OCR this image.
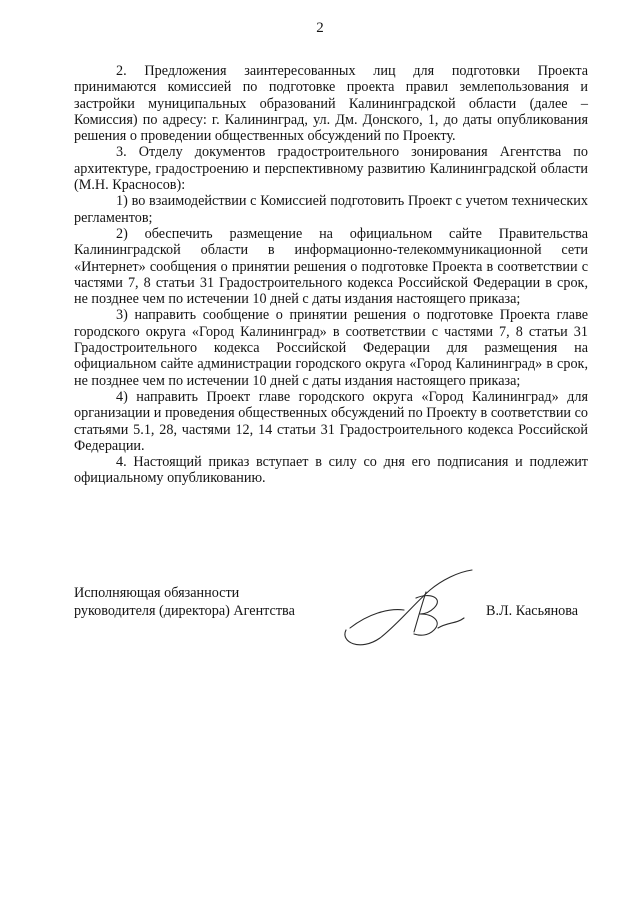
2

2. Предложения заинтересованных лиц для подготовки Проекта принимаются комиссией по подготовке проекта правил землепользования и застройки муниципальных образований Калининградской области (далее – Комиссия) по адресу: г. Калининград, ул. Дм. Донского, 1, до даты опубликования решения о проведении общественных обсуждений по Проекту.

3. Отделу документов градостроительного зонирования Агентства по архитектуре, градостроению и перспективному развитию Калининградской области (М.Н. Красносов):

1) во взаимодействии с Комиссией подготовить Проект с учетом технических регламентов;

2) обеспечить размещение на официальном сайте Правительства Калининградской области в информационно-телекоммуникационной сети «Интернет» сообщения о принятии решения о подготовке Проекта в соответствии с частями 7, 8 статьи 31 Градостроительного кодекса Российской Федерации в срок, не позднее чем по истечении 10 дней с даты издания настоящего приказа;

3) направить сообщение о принятии решения о подготовке Проекта главе городского округа «Город Калининград» в соответствии с частями 7, 8 статьи 31 Градостроительного кодекса Российской Федерации для размещения на официальном сайте администрации городского округа «Город Калининград» в срок, не позднее чем по истечении 10 дней с даты издания настоящего приказа;

4) направить Проект главе городского округа «Город Калининград» для организации и проведения общественных обсуждений по Проекту в соответствии со статьями 5.1, 28, частями 12, 14 статьи 31 Градостроительного кодекса Российской Федерации.

4. Настоящий приказ вступает в силу со дня его подписания и подлежит официальному опубликованию.

Исполняющая обязанности
руководителя (директора) Агентства	В.Л. Касьянова
